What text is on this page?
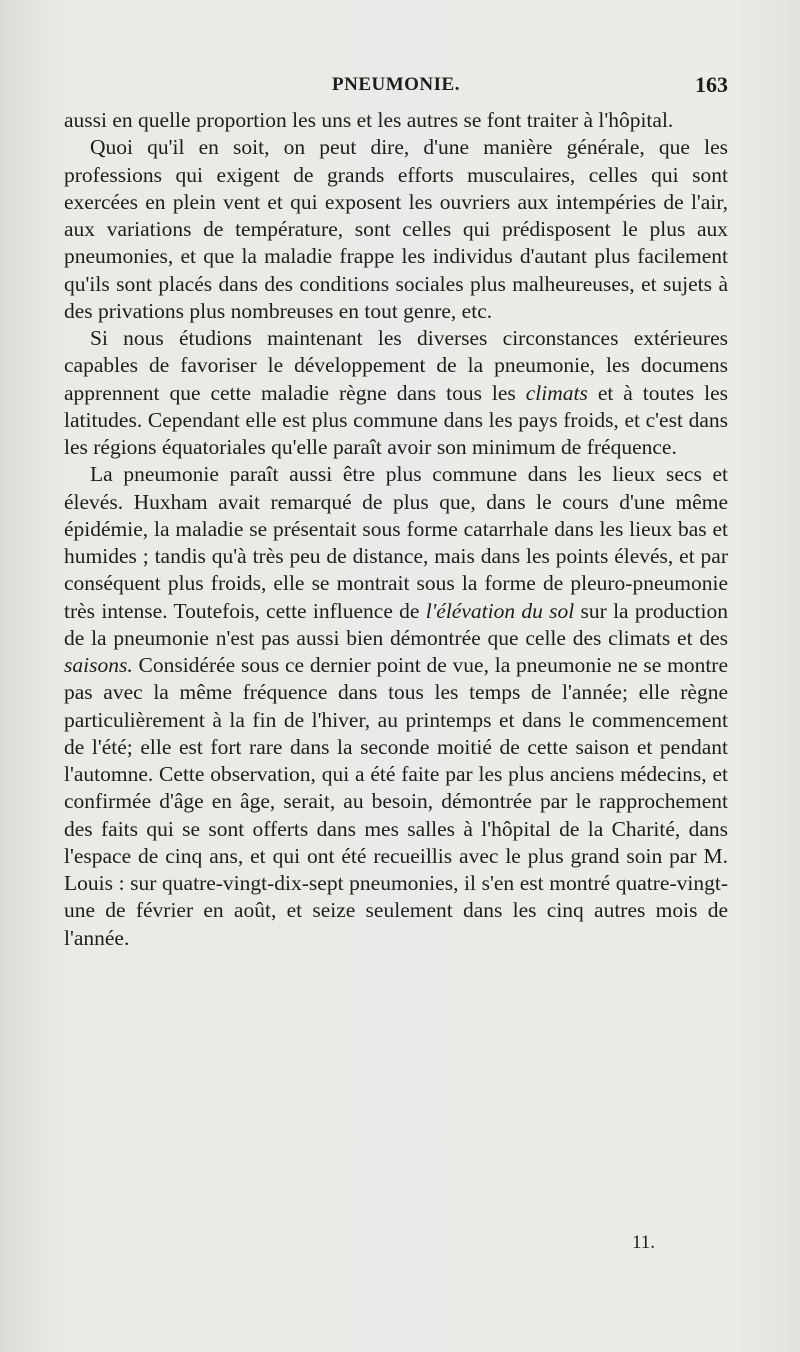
PNEUMONIE.	163

aussi en quelle proportion les uns et les autres se font traiter à l'hôpital.

Quoi qu'il en soit, on peut dire, d'une manière générale, que les professions qui exigent de grands efforts musculaires, celles qui sont exercées en plein vent et qui exposent les ouvriers aux intempéries de l'air, aux variations de température, sont celles qui prédisposent le plus aux pneumonies, et que la maladie frappe les individus d'autant plus facilement qu'ils sont placés dans des conditions sociales plus malheureuses, et sujets à des privations plus nombreuses en tout genre, etc.

Si nous étudions maintenant les diverses circonstances extérieures capables de favoriser le développement de la pneumonie, les documens apprennent que cette maladie règne dans tous les climats et à toutes les latitudes. Cependant elle est plus commune dans les pays froids, et c'est dans les régions équatoriales qu'elle paraît avoir son minimum de fréquence.

La pneumonie paraît aussi être plus commune dans les lieux secs et élevés. Huxham avait remarqué de plus que, dans le cours d'une même épidémie, la maladie se présentait sous forme catarrhale dans les lieux bas et humides ; tandis qu'à très peu de distance, mais dans les points élevés, et par conséquent plus froids, elle se montrait sous la forme de pleuro-pneumonie très intense. Toutefois, cette influence de l'élévation du sol sur la production de la pneumonie n'est pas aussi bien démontrée que celle des climats et des saisons. Considérée sous ce dernier point de vue, la pneumonie ne se montre pas avec la même fréquence dans tous les temps de l'année; elle règne particulièrement à la fin de l'hiver, au printemps et dans le commencement de l'été; elle est fort rare dans la seconde moitié de cette saison et pendant l'automne. Cette observation, qui a été faite par les plus anciens médecins, et confirmée d'âge en âge, serait, au besoin, démontrée par le rapprochement des faits qui se sont offerts dans mes salles à l'hôpital de la Charité, dans l'espace de cinq ans, et qui ont été recueillis avec le plus grand soin par M. Louis : sur quatre-vingt-dix-sept pneumonies, il s'en est montré quatre-vingt-une de février en août, et seize seulement dans les cinq autres mois de l'année.

11.
